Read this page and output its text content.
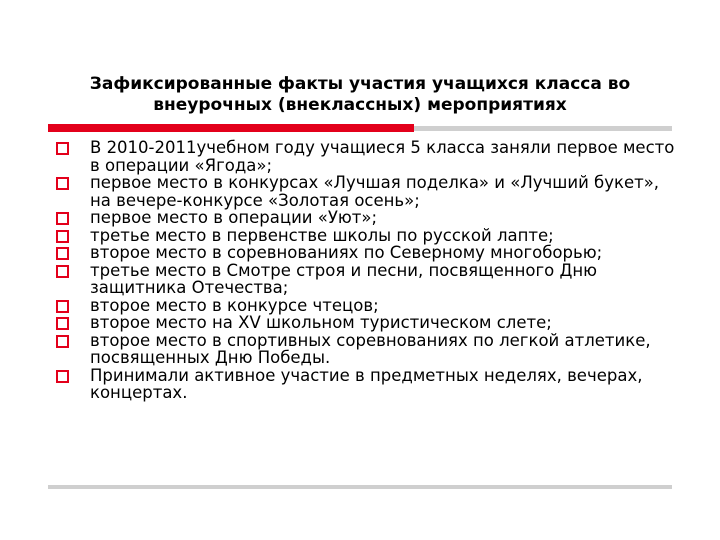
Зафиксированные факты участия учащихся класса во внеурочных (внеклассных) мероприятиях
В 2010-2011учебном году учащиеся 5 класса заняли первое место в операции «Ягода»;
первое место в конкурсах «Лучшая поделка» и «Лучший букет», на вечере-конкурсе «Золотая осень»;
первое место в операции «Уют»;
третье место в первенстве школы по русской лапте;
второе место в соревнованиях по Северному многоборью;
третье место в Смотре строя и песни, посвященного Дню защитника Отечества;
второе место в конкурсе чтецов;
второе место на XV школьном туристическом слете;
второе место в спортивных соревнованиях по легкой атлетике, посвященных Дню Победы.
Принимали активное участие в предметных неделях, вечерах, концертах.
